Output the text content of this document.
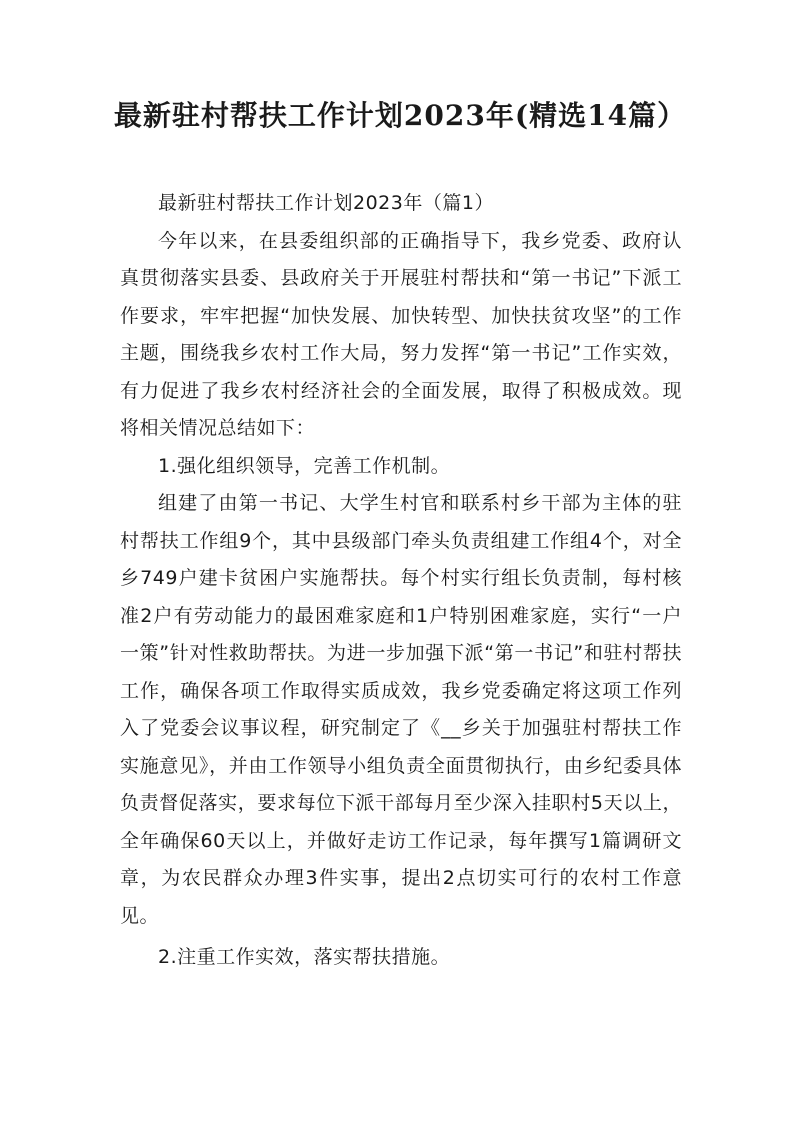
最新驻村帮扶工作计划2023年(精选14篇）

最新驻村帮扶工作计划2023年（篇1）

今年以来，在县委组织部的正确指导下，我乡党委、政府认真贯彻落实县委、县政府关于开展驻村帮扶和“第一书记”下派工作要求，牢牢把握“加快发展、加快转型、加快扶贫攻坚”的工作主题，围绕我乡农村工作大局，努力发挥“第一书记”工作实效，有力促进了我乡农村经济社会的全面发展，取得了积极成效。现将相关情况总结如下：

1.强化组织领导，完善工作机制。

组建了由第一书记、大学生村官和联系村乡干部为主体的驻村帮扶工作组9个，其中县级部门牵头负责组建工作组4个，对全乡749户建卡贫困户实施帮扶。每个村实行组长负责制，每村核准2户有劳动能力的最困难家庭和1户特别困难家庭，实行“一户一策”针对性救助帮扶。为进一步加强下派“第一书记”和驻村帮扶工作，确保各项工作取得实质成效，我乡党委确定将这项工作列入了党委会议事议程，研究制定了《__乡关于加强驻村帮扶工作实施意见》，并由工作领导小组负责全面贯彻执行，由乡纪委具体负责督促落实，要求每位下派干部每月至少深入挂职村5天以上，全年确保60天以上，并做好走访工作记录，每年撰写1篇调研文章，为农民群众办理3件实事，提出2点切实可行的农村工作意见。

2.注重工作实效，落实帮扶措施。
